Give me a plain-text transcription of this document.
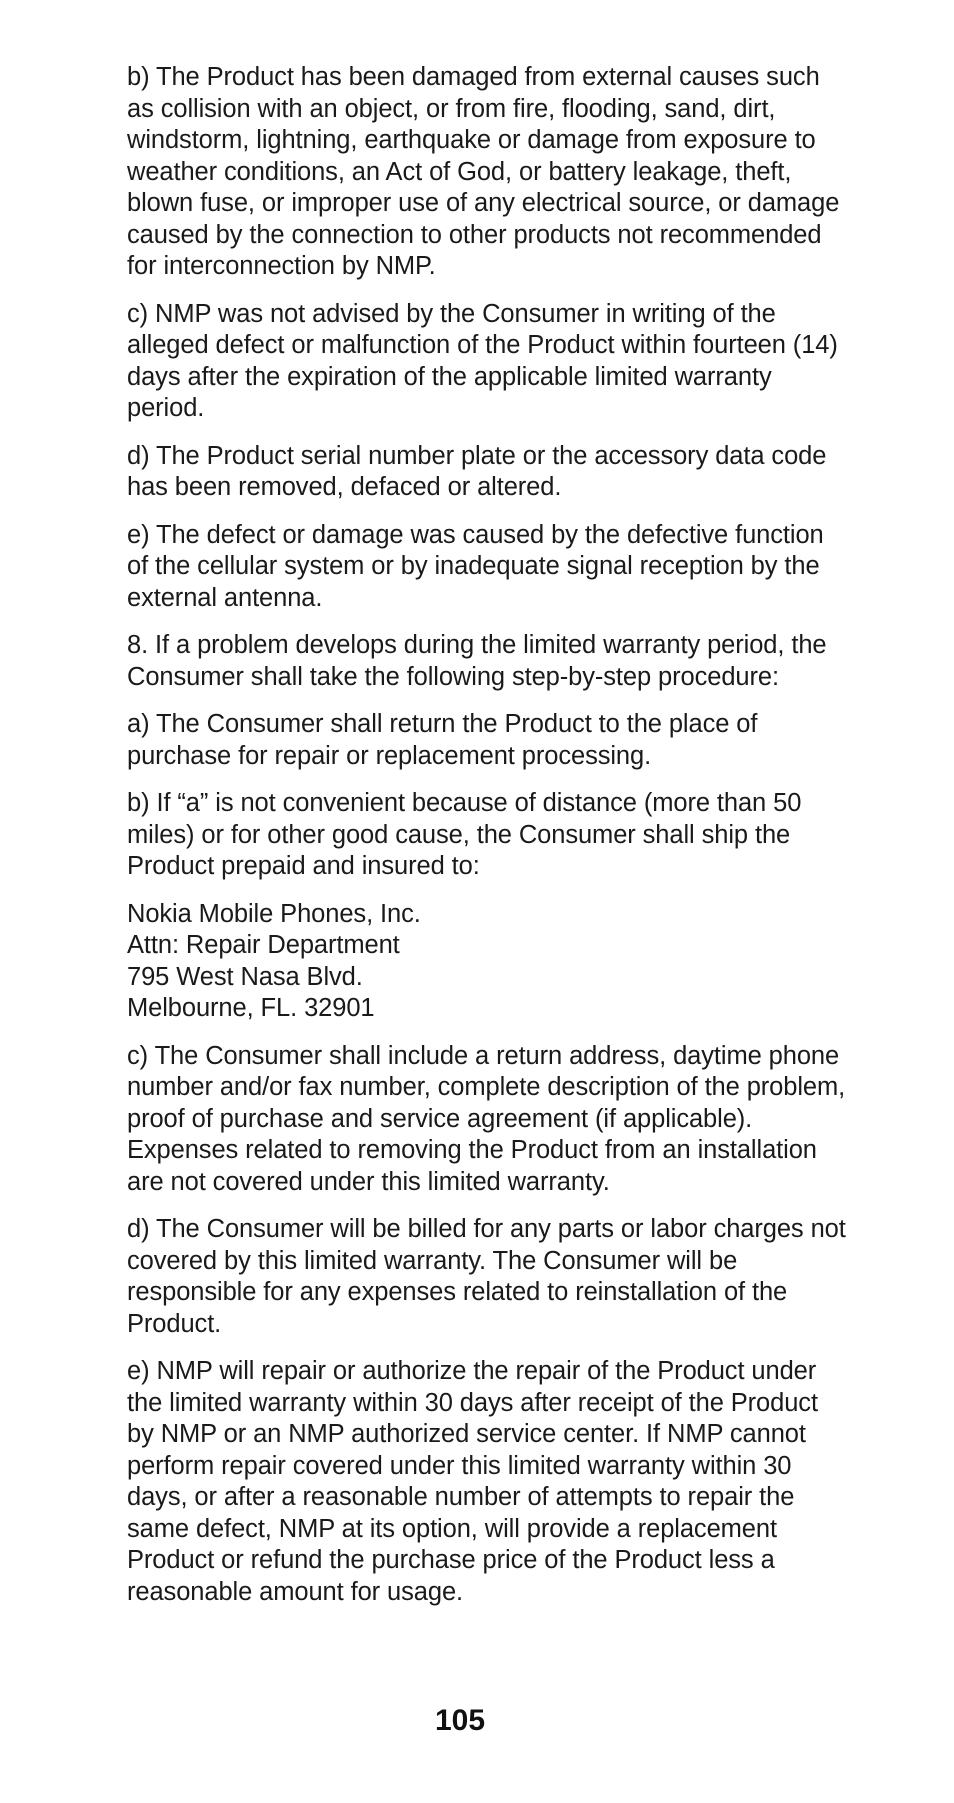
b) The Product has been damaged from external causes such as collision with an object, or from fire, flooding, sand, dirt, windstorm, lightning, earthquake or damage from exposure to weather conditions, an Act of God, or battery leakage, theft, blown fuse, or improper use of any electrical source, or damage caused by the connection to other products not recommended for interconnection by NMP.

c) NMP was not advised by the Consumer in writing of the alleged defect or malfunction of the Product within fourteen (14) days after the expiration of the applicable limited warranty period.

d) The Product serial number plate or the accessory data code has been removed, defaced or altered.

e) The defect or damage was caused by the defective function of the cellular system or by inadequate signal reception by the external antenna.

8. If a problem develops during the limited warranty period, the Consumer shall take the following step-by-step procedure:

a) The Consumer shall return the Product to the place of purchase for repair or replacement processing.

b) If “a” is not convenient because of distance (more than 50 miles) or for other good cause, the Consumer shall ship the Product prepaid and insured to:

Nokia Mobile Phones, Inc.
Attn: Repair Department
795 West Nasa Blvd.
Melbourne, FL. 32901

c) The Consumer shall include a return address, daytime phone number and/or fax number, complete description of the problem, proof of purchase and service agreement (if applicable).   Expenses related to removing the Product from an installation are not covered under this limited warranty.

d) The Consumer will be billed for any parts or labor charges not covered by this limited warranty. The Consumer will be responsible for any expenses related to reinstallation of the Product.

e) NMP will repair or authorize the repair of the Product under the limited warranty within 30 days after receipt of the Product by NMP or an NMP authorized service center. If NMP cannot perform repair covered under this limited warranty within 30 days, or after a reasonable number of attempts to repair the same defect, NMP at its option, will provide a replacement Product or refund the purchase price of the Product less a reasonable amount for usage.

105
